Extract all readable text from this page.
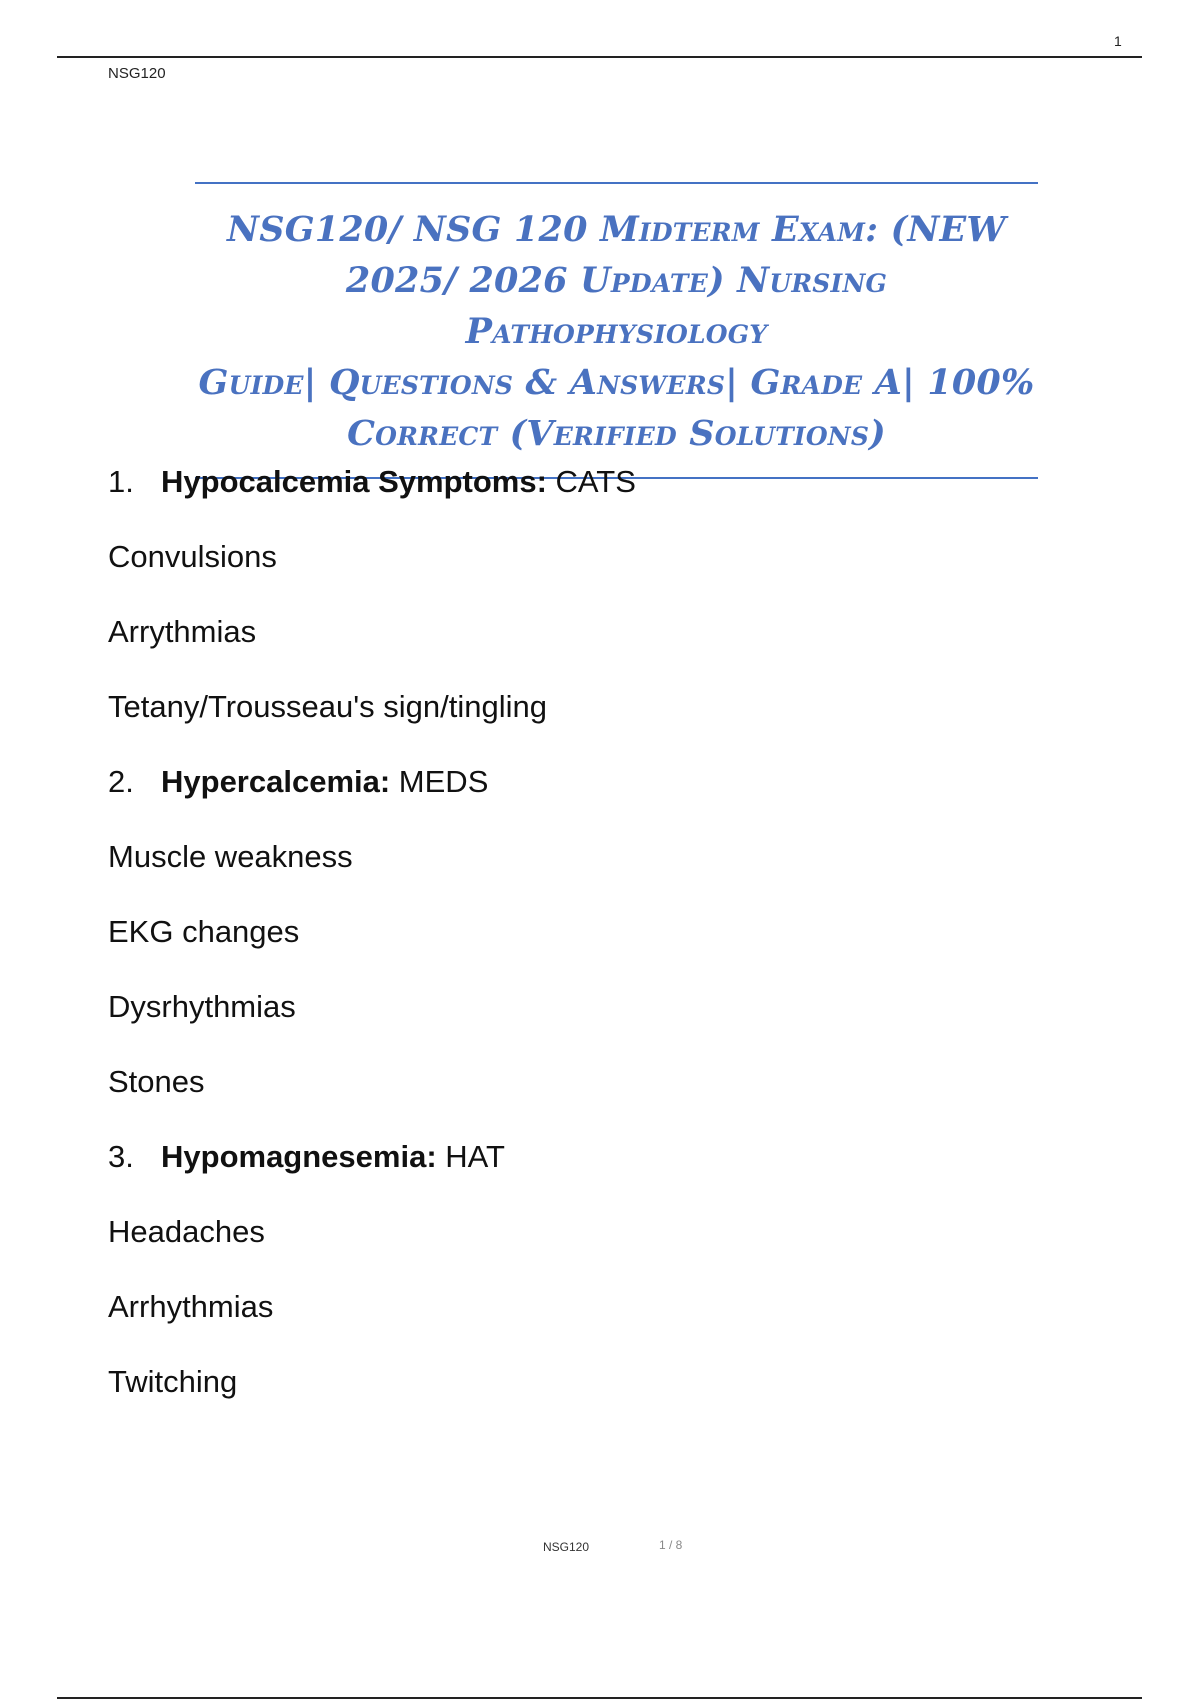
1
NSG120
NSG120/ NSG 120 Midterm Exam: (NEW
2025/ 2026 Update) Nursing Pathophysiology
Guide| Questions & Answers| Grade A| 100%
Correct (Verified Solutions)
1. Hypocalcemia Symptoms: CATS
Convulsions
Arrythmias
Tetany/Trousseau's sign/tingling
2. Hypercalcemia: MEDS
Muscle weakness
EKG changes
Dysrhythmias
Stones
3. Hypomagnesemia: HAT
Headaches
Arrhythmias
Twitching
NSG120	1 / 8
